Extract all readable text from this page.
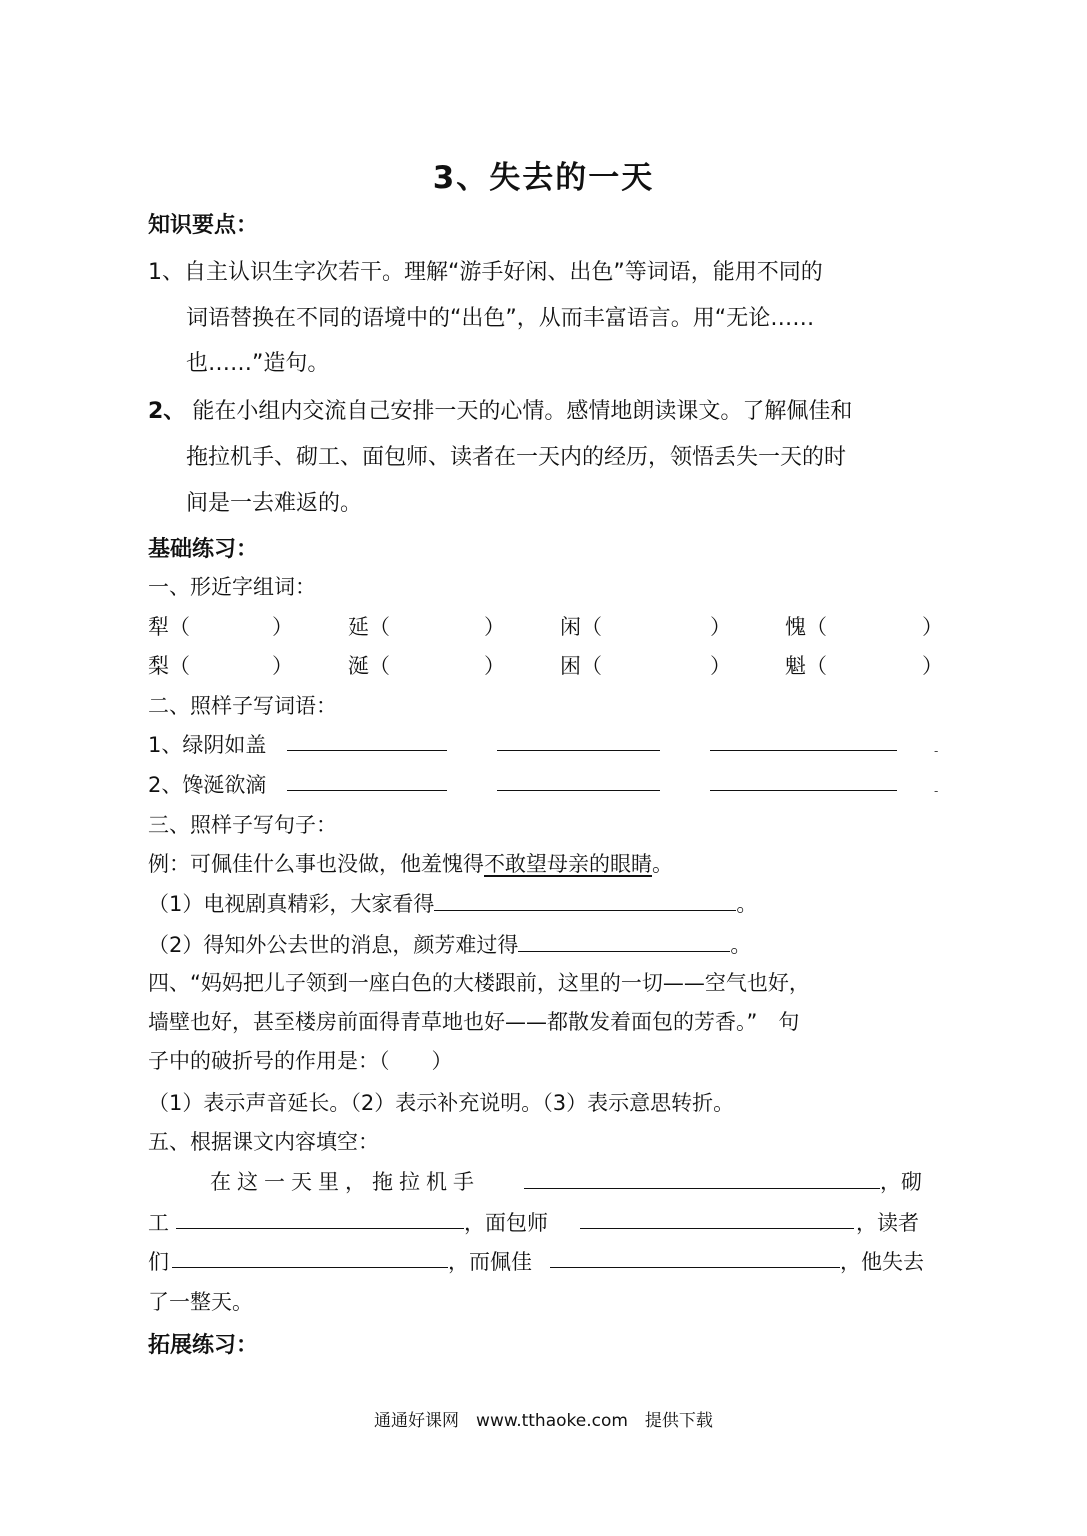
3、失去的一天
知识要点：
1、自主认识生字次若干。理解“游手好闲、出色”等词语，能用不同的
词语替换在不同的语境中的“出色”，从而丰富语言。用“无论……
也……”造句。
2、 能在小组内交流自己安排一天的心情。感情地朗读课文。了解佩佳和
拖拉机手、砌工、面包师、读者在一天内的经历，领悟丢失一天的时
间是一去难返的。
基础练习：
一、形近字组词：
犁（	）	延（	）	闲（	）	愧（	）
梨（	）	涎（	）	困（	）	魁（	）
二、照样子写词语：
1、绿阴如盖	-
2、馋涎欲滴	-
三、照样子写句子：
例：可佩佳什么事也没做，他羞愧得不敢望母亲的眼睛。
（1）电视剧真精彩，大家看得	。
（2）得知外公去世的消息，颜芳难过得	。
四、“妈妈把儿子领到一座白色的大楼跟前，这里的一切——空气也好，
墙壁也好，甚至楼房前面得青草地也好——都散发着面包的芳香。”　句
子中的破折号的作用是：（　　）
（1）表示声音延长。（2）表示补充说明。（3）表示意思转折。
五、根据课文内容填空：
在这一天里，拖拉机手	，砌
工	，面包师	，读者
们	，而佩佳	，他失去
了一整天。
拓展练习：
通通好课网　www.tthaoke.com　提供下载
